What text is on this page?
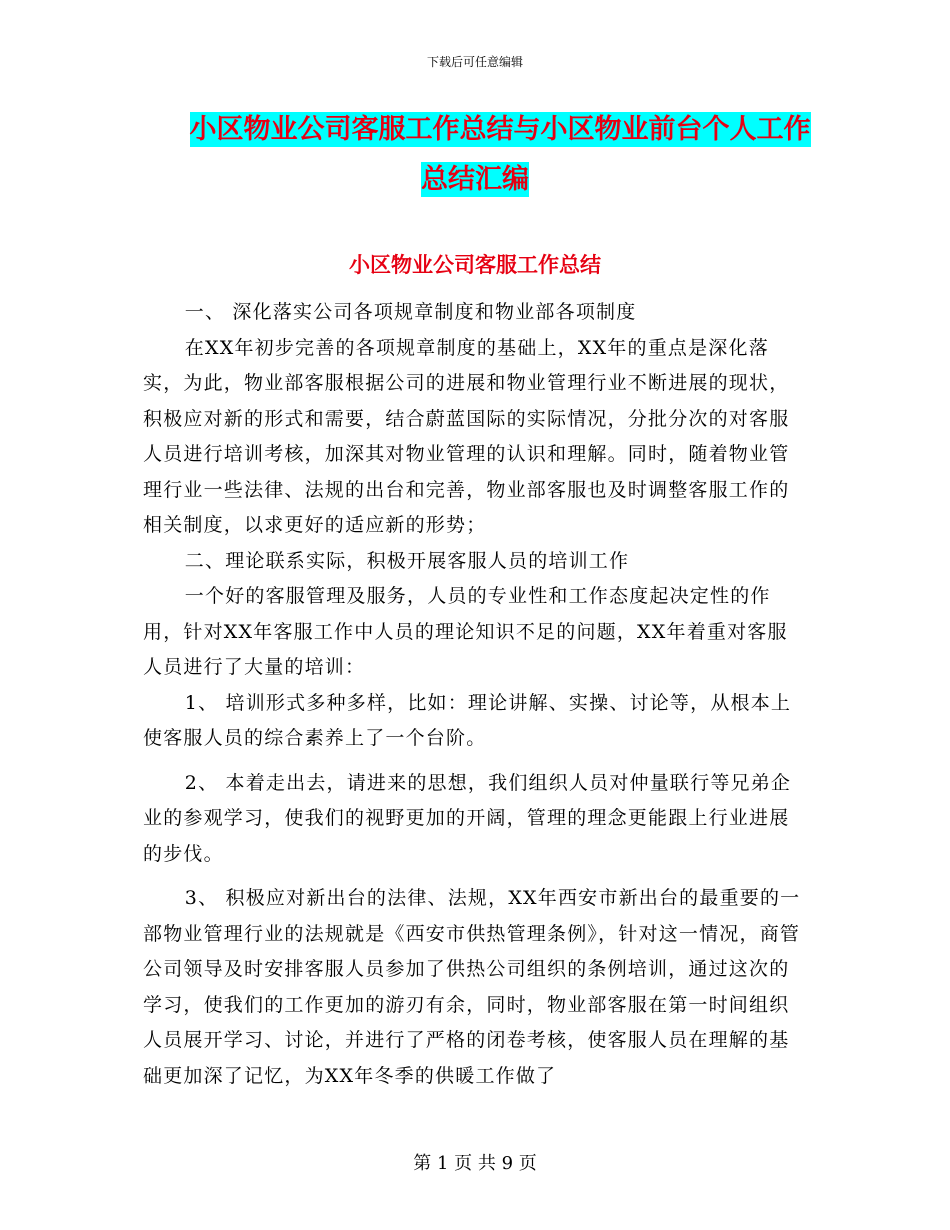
下载后可任意编辑
小区物业公司客服工作总结与小区物业前台个人工作
总结汇编
小区物业公司客服工作总结

一、 深化落实公司各项规章制度和物业部各项制度

在XX年初步完善的各项规章制度的基础上，XX年的重点是深化落实，为此，物业部客服根据公司的进展和物业管理行业不断进展的现状，积极应对新的形式和需要，结合蔚蓝国际的实际情况，分批分次的对客服人员进行培训考核，加深其对物业管理的认识和理解。同时，随着物业管理行业一些法律、法规的出台和完善，物业部客服也及时调整客服工作的相关制度，以求更好的适应新的形势；

二、理论联系实际，积极开展客服人员的培训工作

一个好的客服管理及服务，人员的专业性和工作态度起决定性的作用，针对XX年客服工作中人员的理论知识不足的问题，XX年着重对客服人员进行了大量的培训：

1、 培训形式多种多样，比如：理论讲解、实操、讨论等，从根本上使客服人员的综合素养上了一个台阶。

2、 本着走出去，请进来的思想，我们组织人员对仲量联行等兄弟企业的参观学习，使我们的视野更加的开阔，管理的理念更能跟上行业进展的步伐。

3、 积极应对新出台的法律、法规，XX年西安市新出台的最重要的一部物业管理行业的法规就是《西安市供热管理条例》，针对这一情况，商管公司领导及时安排客服人员参加了供热公司组织的条例培训，通过这次的学习，使我们的工作更加的游刃有余，同时，物业部客服在第一时间组织人员展开学习、讨论，并进行了严格的闭卷考核，使客服人员在理解的基础更加深了记忆，为XX年冬季的供暖工作做了

第 1 页 共 9 页
